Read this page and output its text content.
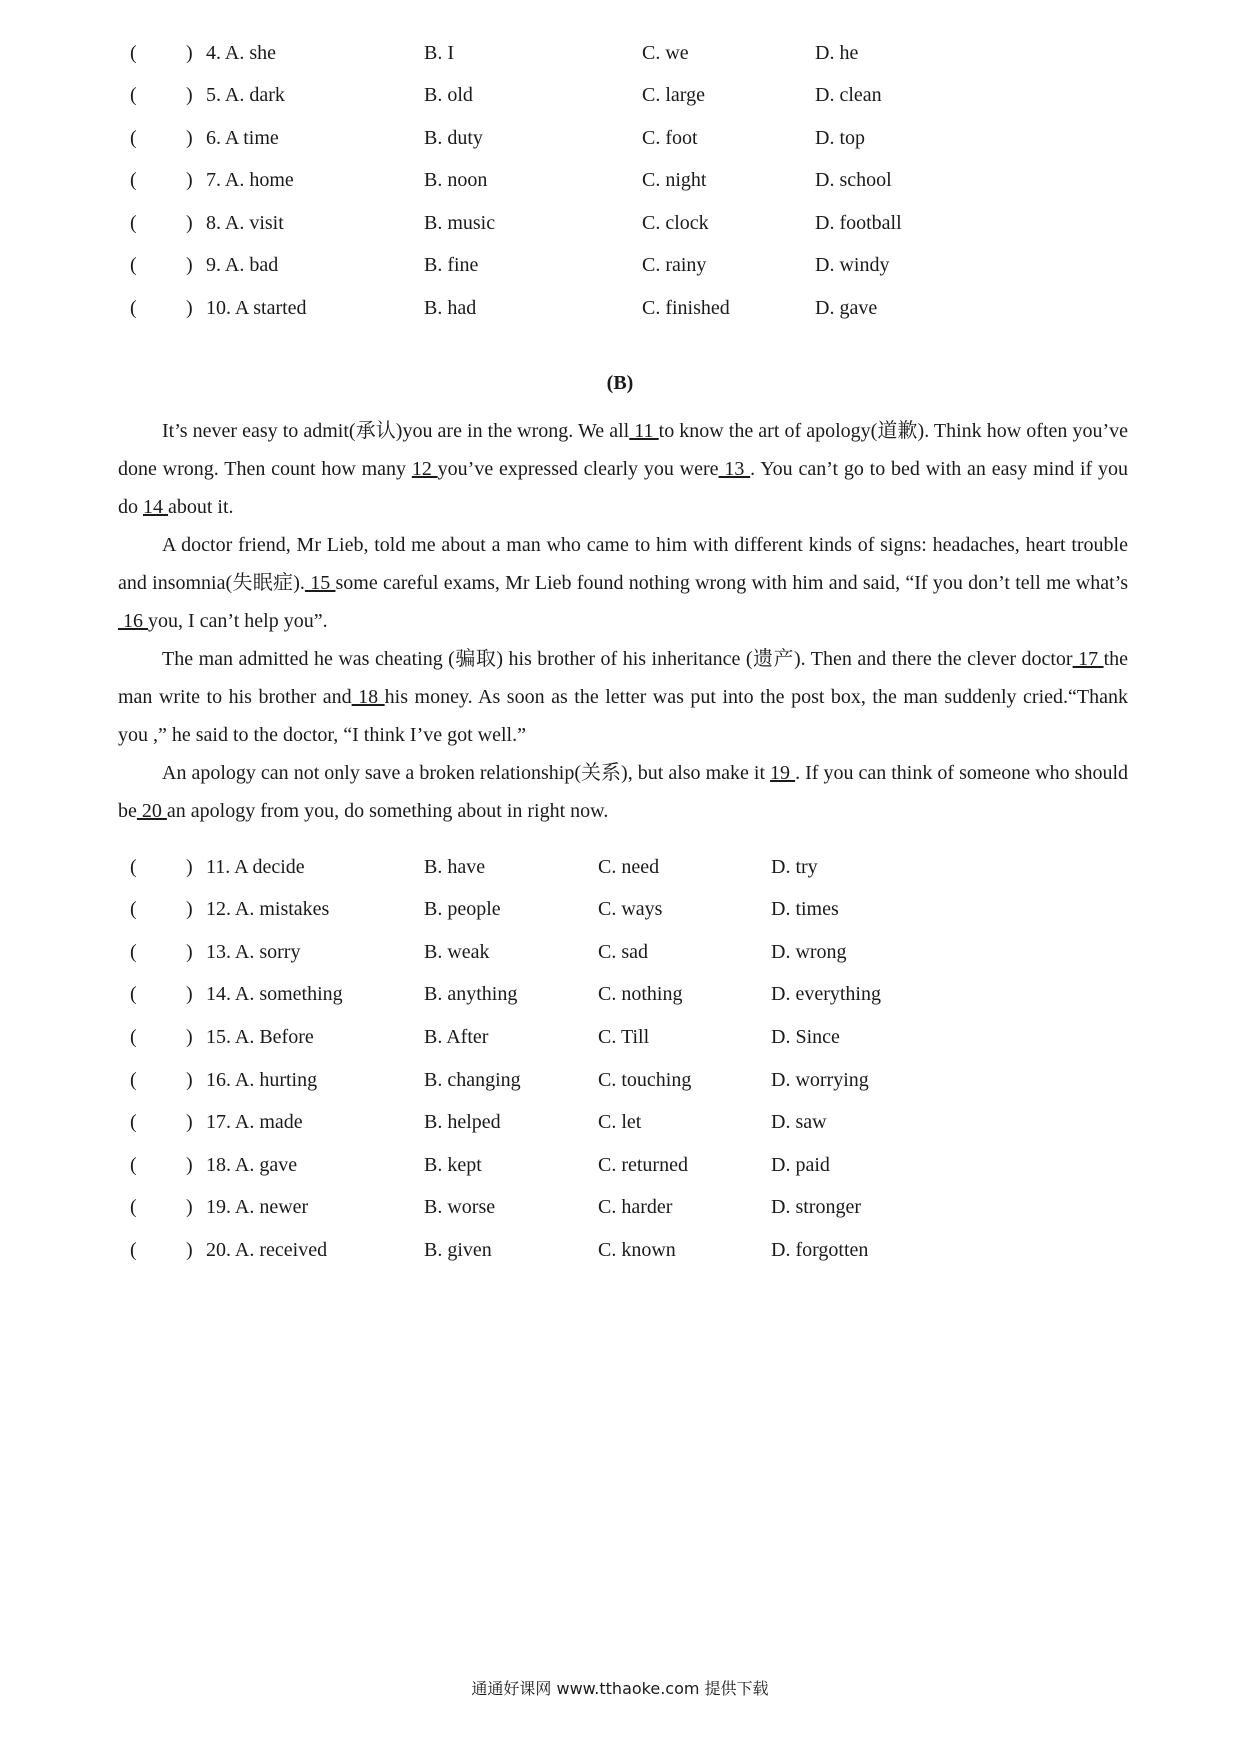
( ) 4. A. she	B. I	C. we	D. he
( ) 5. A. dark	B. old	C. large	D. clean
( ) 6. A time	B. duty	C. foot	D. top
( ) 7. A. home	B. noon	C. night	D. school
( ) 8. A. visit	B. music	C. clock	D. football
( ) 9. A. bad	B. fine	C. rainy	D. windy
( ) 10. A started	B. had	C. finished	D. gave
(B)

It’s never easy to admit(承认)you are in the wrong. We all 11 to know the art of apology(道歉). Think how often you’ve done wrong. Then count how many 12 you’ve expressed clearly you were 13 . You can’t go to bed with an easy mind if you do 14 about it.

A doctor friend, Mr Lieb, told me about a man who came to him with different kinds of signs: headaches, heart trouble and insomnia(失眠症). 15 some careful exams, Mr Lieb found nothing wrong with him and said, “If you don’t tell me what’s 16 you, I can’t help you”.

The man admitted he was cheating (骗取) his brother of his inheritance (遗产). Then and there the clever doctor 17 the man write to his brother and 18 his money. As soon as the letter was put into the post box, the man suddenly cried.“Thank you ,” he said to the doctor, “I think I’ve got well.”

An apology can not only save a broken relationship(关系), but also make it 19 . If you can think of someone who should be 20 an apology from you, do something about in right now.

( ) 11. A decide	B. have	C. need	D. try
( ) 12. A. mistakes	B. people	C. ways	D. times
( ) 13. A. sorry	B. weak	C. sad	D. wrong
( ) 14. A. something	B. anything	C. nothing	D. everything
( ) 15. A. Before	B. After	C. Till	D. Since
( ) 16. A. hurting	B. changing	C. touching	D. worrying
( ) 17. A. made	B. helped	C. let	D. saw
( ) 18. A. gave	B. kept	C. returned	D. paid
( ) 19. A. newer	B. worse	C. harder	D. stronger
( ) 20. A. received	B. given	C. known	D. forgotten
通通好课网 www.tthaoke.com 提供下载
